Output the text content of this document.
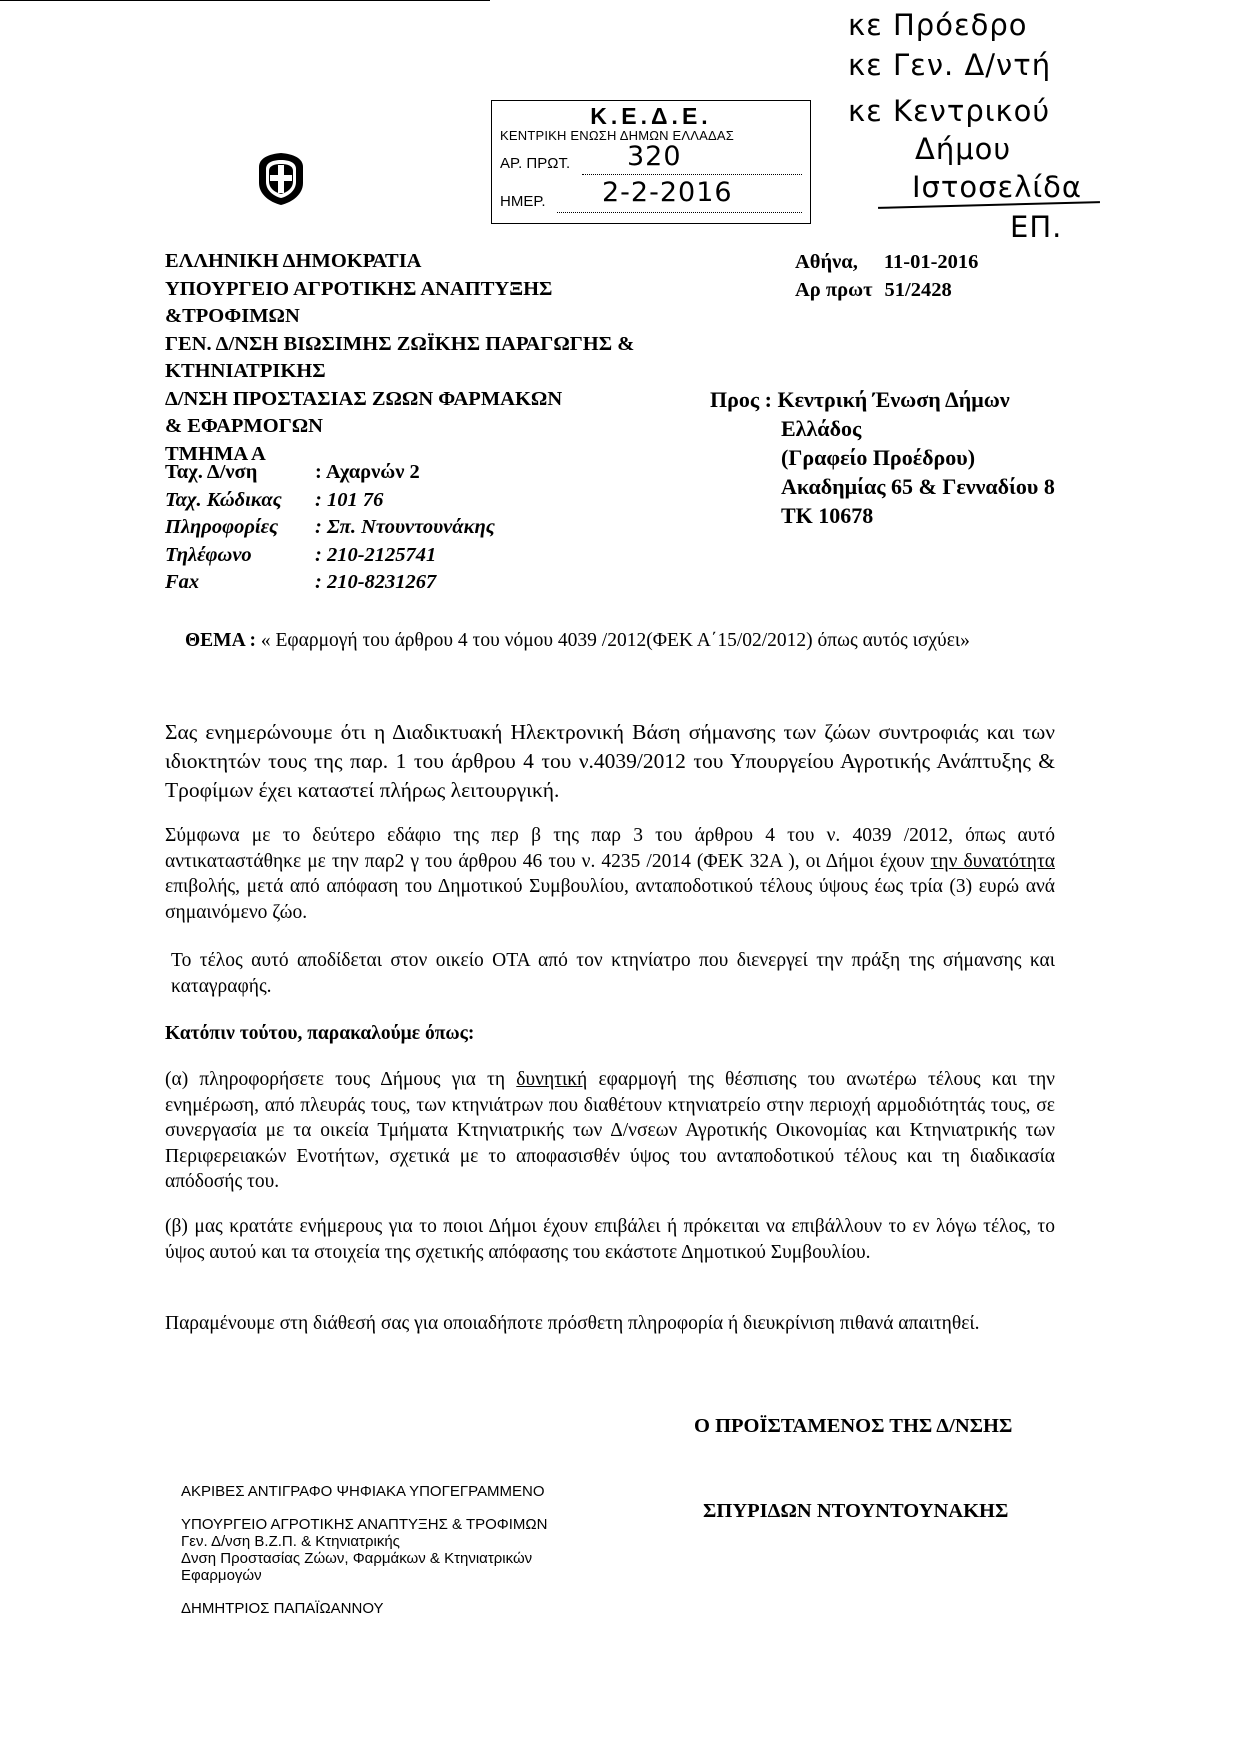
Κ.Ε.Δ.Ε.
ΚΕΝΤΡΙΚΗ ΕΝΩΣΗ ΔΗΜΩΝ ΕΛΛΑΔΑΣ
ΑΡ. ΠΡΩΤ. 320
ΗΜΕΡ. 2-2-2016
κε Πρόεδρο
κε Γεν. Δ/ντή
κε Κεντρικού
Δήμου
Ιστοσελίδα
ΕΠ.
ΕΛΛΗΝΙΚΗ ΔΗΜΟΚΡΑΤΙΑ
ΥΠΟΥΡΓΕΙΟ ΑΓΡΟΤΙΚΗΣ ΑΝΑΠΤΥΞΗΣ
&ΤΡΟΦΙΜΩΝ
ΓΕΝ. Δ/ΝΣΗ ΒΙΩΣΙΜΗΣ ΖΩΪΚΗΣ ΠΑΡΑΓΩΓΗΣ &
ΚΤΗΝΙΑΤΡΙΚΗΣ
Δ/ΝΣΗ ΠΡΟΣΤΑΣΙΑΣ ΖΩΩΝ ΦΑΡΜΑΚΩΝ
& ΕΦΑΡΜΟΓΩΝ
ΤΜΗΜΑ Α
Ταχ. Δ/νση	: Αχαρνών 2
Ταχ. Κώδικας	: 101 76
Πληροφορίες	: Σπ. Ντουντουνάκης
Τηλέφωνο	: 210-2125741
Fax	: 210-8231267
Αθήνα, 11-01-2016
Αρ πρωτ 51/2428
Προς : Κεντρική Ένωση Δήμων
Ελλάδος
(Γραφείο Προέδρου)
Ακαδημίας 65 & Γενναδίου 8
ΤΚ 10678
ΘΕΜΑ : « Εφαρμογή του άρθρου 4 του νόμου 4039 /2012(ΦΕΚ Α΄15/02/2012) όπως αυτός ισχύει»
Σας ενημερώνουμε ότι η Διαδικτυακή Ηλεκτρονική Βάση σήμανσης των ζώων συντροφιάς και των ιδιοκτητών τους της παρ. 1 του άρθρου 4 του ν.4039/2012 του Υπουργείου Αγροτικής Ανάπτυξης & Τροφίμων έχει καταστεί πλήρως λειτουργική.
Σύμφωνα με το δεύτερο εδάφιο της περ β της παρ 3 του άρθρου 4 του ν. 4039 /2012, όπως αυτό αντικαταστάθηκε με την παρ2 γ του άρθρου 46 του ν. 4235 /2014 (ΦΕΚ 32Α ), οι Δήμοι έχουν την δυνατότητα επιβολής, μετά από απόφαση του Δημοτικού Συμβουλίου, ανταποδοτικού τέλους ύψους έως τρία (3) ευρώ ανά σημαινόμενο ζώο.
Το τέλος αυτό αποδίδεται στον οικείο ΟΤΑ από τον κτηνίατρο που διενεργεί την πράξη της σήμανσης και καταγραφής.
Κατόπιν τούτου, παρακαλούμε όπως:
(α) πληροφορήσετε τους Δήμους για τη δυνητική εφαρμογή της θέσπισης του ανωτέρω τέλους και την ενημέρωση, από πλευράς τους, των κτηνιάτρων που διαθέτουν κτηνιατρείο στην περιοχή αρμοδιότητάς τους, σε συνεργασία με τα οικεία Τμήματα Κτηνιατρικής των Δ/νσεων Αγροτικής Οικονομίας και Κτηνιατρικής των Περιφερειακών Ενοτήτων, σχετικά με το αποφασισθέν ύψος του ανταποδοτικού τέλους και τη διαδικασία απόδοσής του.
(β) μας κρατάτε ενήμερους για το ποιοι Δήμοι έχουν επιβάλει ή πρόκειται να επιβάλλουν το εν λόγω τέλος, το ύψος αυτού και τα στοιχεία της σχετικής απόφασης του εκάστοτε Δημοτικού Συμβουλίου.
Παραμένουμε στη διάθεσή σας για οποιαδήποτε πρόσθετη πληροφορία ή διευκρίνιση πιθανά απαιτηθεί.
Ο ΠΡΟΪΣΤΑΜΕΝΟΣ ΤΗΣ Δ/ΝΣΗΣ
ΣΠΥΡΙΔΩΝ ΝΤΟΥΝΤΟΥΝΑΚΗΣ
ΑΚΡΙΒΕΣ ΑΝΤΙΓΡΑΦΟ ΨΗΦΙΑΚΑ ΥΠΟΓΕΓΡΑΜΜΕΝΟ
ΥΠΟΥΡΓΕΙΟ ΑΓΡΟΤΙΚΗΣ ΑΝΑΠΤΥΞΗΣ & ΤΡΟΦΙΜΩΝ
Γεν. Δ/νση Β.Ζ.Π. & Κτηνιατρικής
Δνση Προστασίας Ζώων, Φαρμάκων & Κτηνιατρικών
Εφαρμογών
ΔΗΜΗΤΡΙΟΣ ΠΑΠΑΪΩΑΝΝΟΥ
